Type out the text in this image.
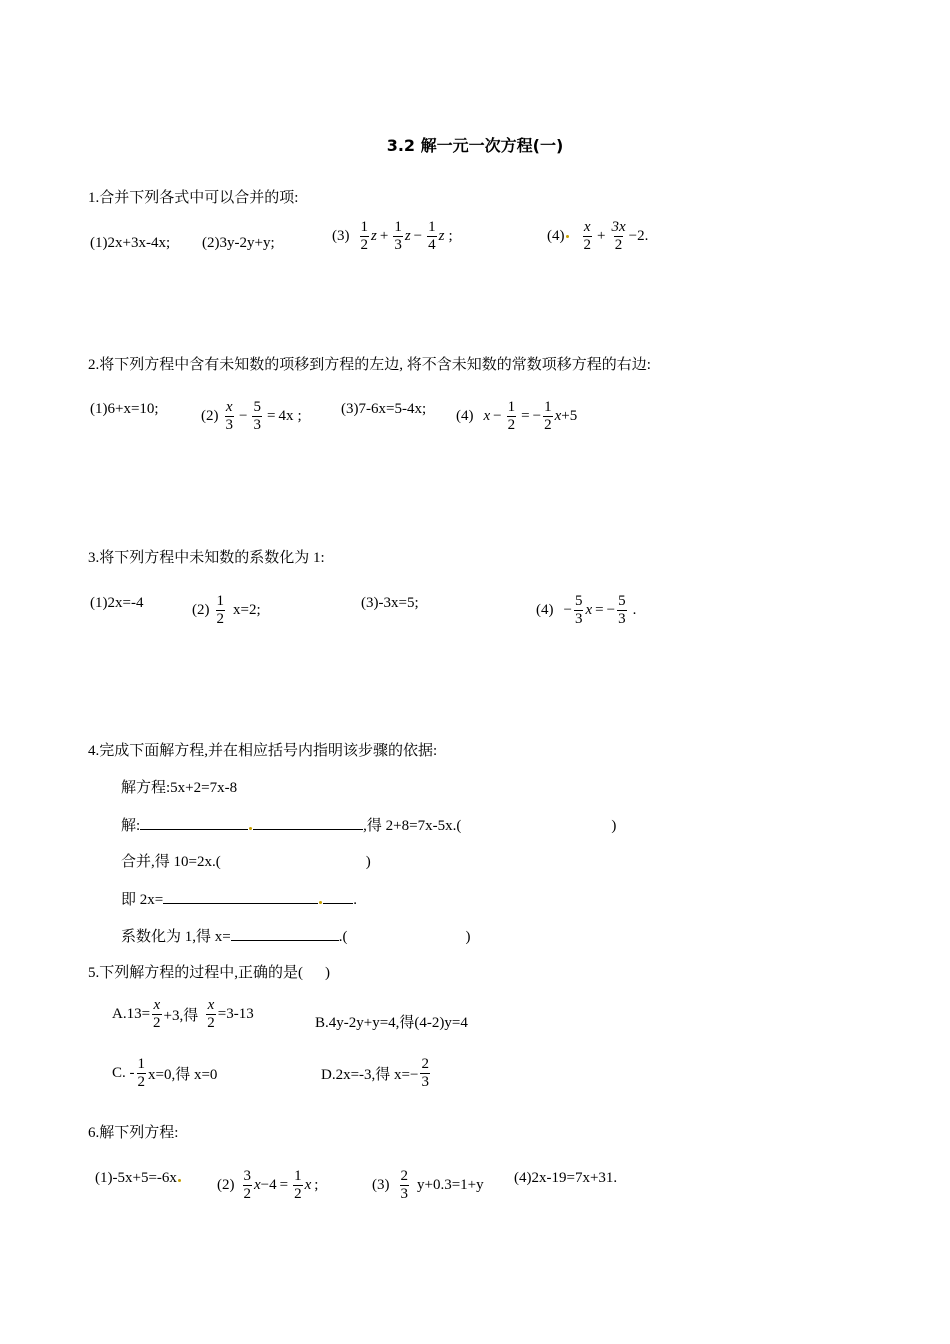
3.2 解一元一次方程(一)
1.合并下列各式中可以合并的项:
(1)2x+3x-4x; (2)3y-2y+y;	$(3) \frac{1}{2}$ $z + \frac{1}{3}$ $z - \frac{1}{4}$ z ;	$(4) \frac{x}{2} + \frac{3x}{2} -2$ .
2.将下列方程中含有未知数的项移到方程的左边, 将不含未知数的常数项移方程的右边:
(1)6+x=10;	$(2) \frac{x}{3} - \frac{5}{3} = 4x$ ;	(3)7-6x=5-4x; (4) $x - \frac{1}{2}$ = − $\frac{1}{2}$ x +5
3.将下列方程中未知数的系数化为 1:
(1)2x=-4	$(2) \frac{1}{2} x=2$;	(3)-3x=5;	$(4) - \frac{5}{3}$ x = − $\frac{5}{3}$ .
4.完成下面解方程,并在相应括号内指明该步骤的依据:
解方程:5x+2=7x-8
解:	,得 2+8=7x-5x.(	)
合并,得 10=2x.(	)
即 2x=	.
系数化为 1,得 x=	.(	)
5.下列解方程的过程中,正确的是( )
$A.13= \frac{x}{2} +3$,得 $\frac{x}{2} =3-13$
B.4y-2y+y=4,得(4-2)y=4
C. - $\frac{1}{2} x=0$,得 x=0	D.2x=-3,得 $x=- \frac{2}{3}$
6.解下列方程:
(1)-5x+5=-6x	$(2) \frac{3}{2}$ $x -4 = \frac{1}{2}$ x ;	$(3) \frac{2}{3} y+0.3=1+y$ (4)2x-19=7x+31.
